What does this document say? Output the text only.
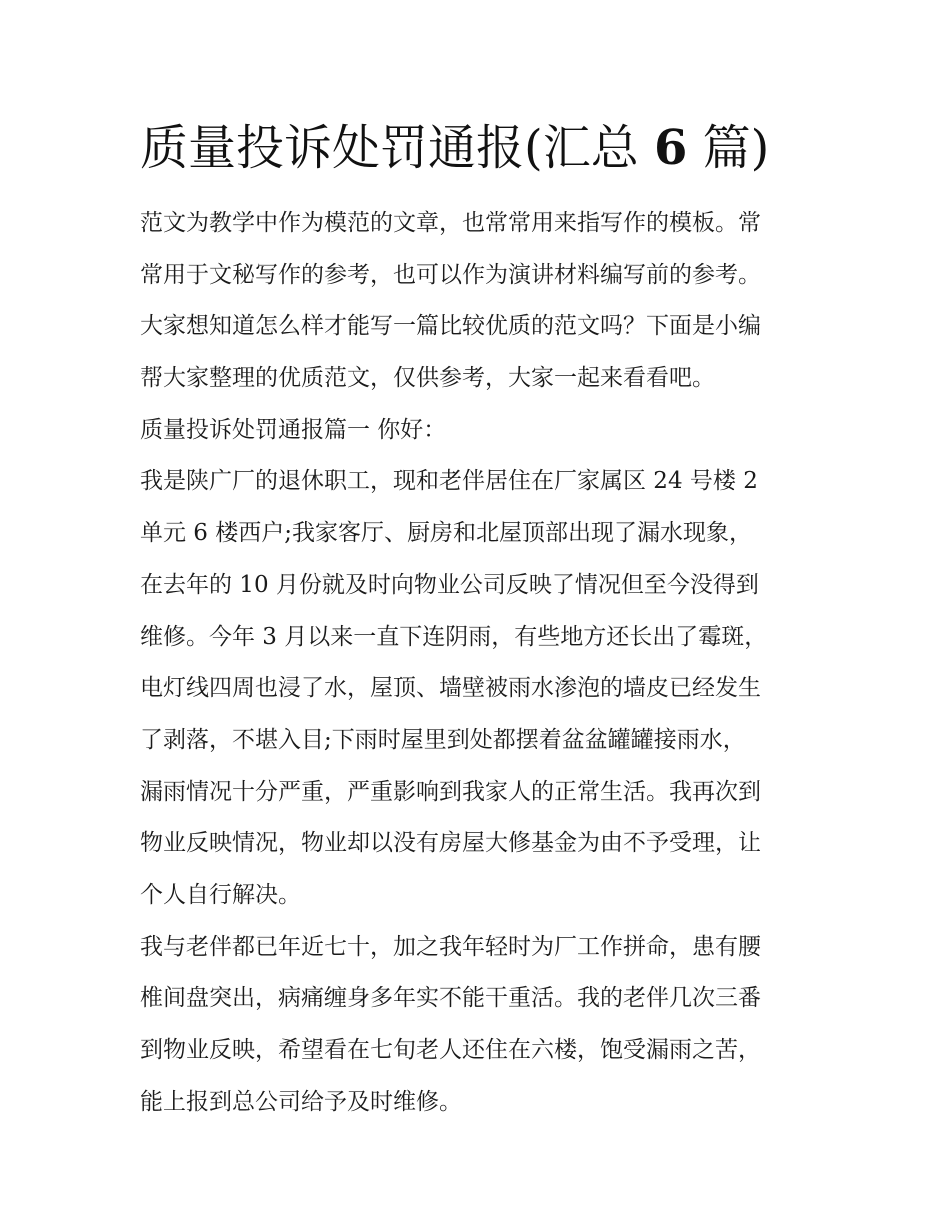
质量投诉处罚通报(汇总 6 篇)
范文为教学中作为模范的文章，也常常用来指写作的模板。常
常用于文秘写作的参考，也可以作为演讲材料编写前的参考。
大家想知道怎么样才能写一篇比较优质的范文吗？下面是小编
帮大家整理的优质范文，仅供参考，大家一起来看看吧。
质量投诉处罚通报篇一 你好：
我是陕广厂的退休职工，现和老伴居住在厂家属区 24 号楼 2
单元 6 楼西户;我家客厅、厨房和北屋顶部出现了漏水现象，
在去年的 10 月份就及时向物业公司反映了情况但至今没得到
维修。今年 3 月以来一直下连阴雨，有些地方还长出了霉斑，
电灯线四周也浸了水，屋顶、墙壁被雨水渗泡的墙皮已经发生
了剥落，不堪入目;下雨时屋里到处都摆着盆盆罐罐接雨水，
漏雨情况十分严重，严重影响到我家人的正常生活。我再次到
物业反映情况，物业却以没有房屋大修基金为由不予受理，让
个人自行解决。
我与老伴都已年近七十，加之我年轻时为厂工作拼命，患有腰
椎间盘突出，病痛缠身多年实不能干重活。我的老伴几次三番
到物业反映，希望看在七旬老人还住在六楼，饱受漏雨之苦，
能上报到总公司给予及时维修。
